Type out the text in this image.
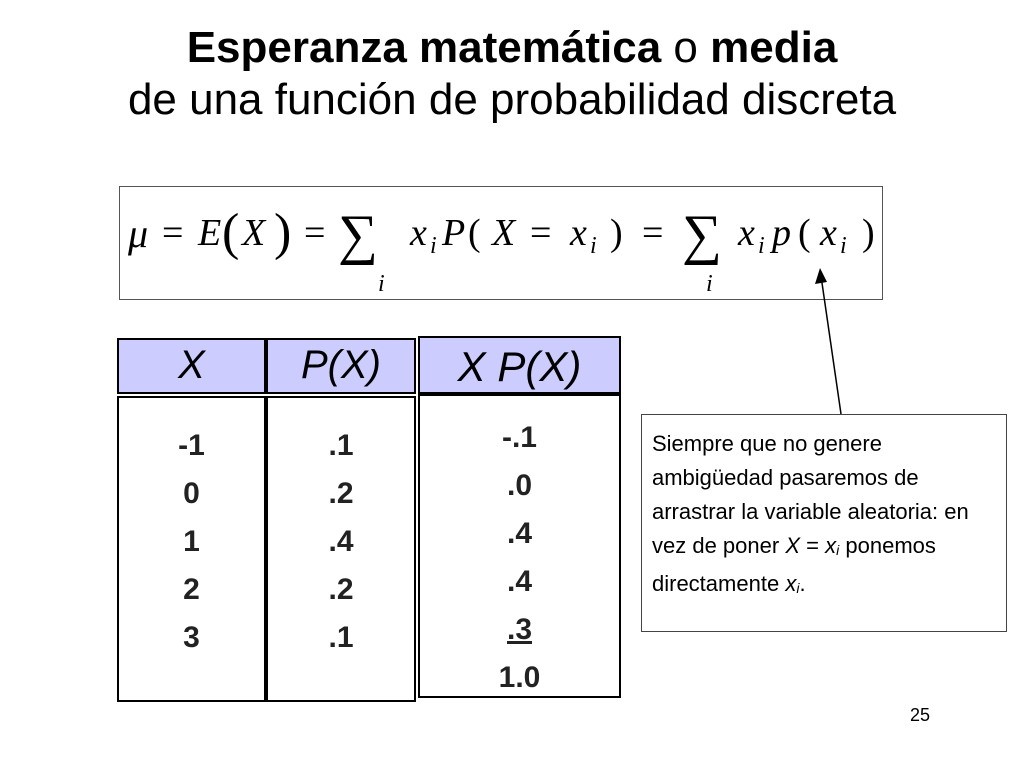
Esperanza matemática o media
de una función de probabilidad discreta
μ = E ( X ) = ∑
i
x i P ( X = x i ) = ∑
i
x i p ( x i )
X
-1
0
1
2
3
P(X)
.1
.2
.4
.2
.1
X P(X)
-.1
.0
.4
.4
.3
1.0
Siempre que no genere ambigüedad pasaremos de arrastrar la variable aleatoria: en vez de poner X = xi ponemos directamente xi.
25
